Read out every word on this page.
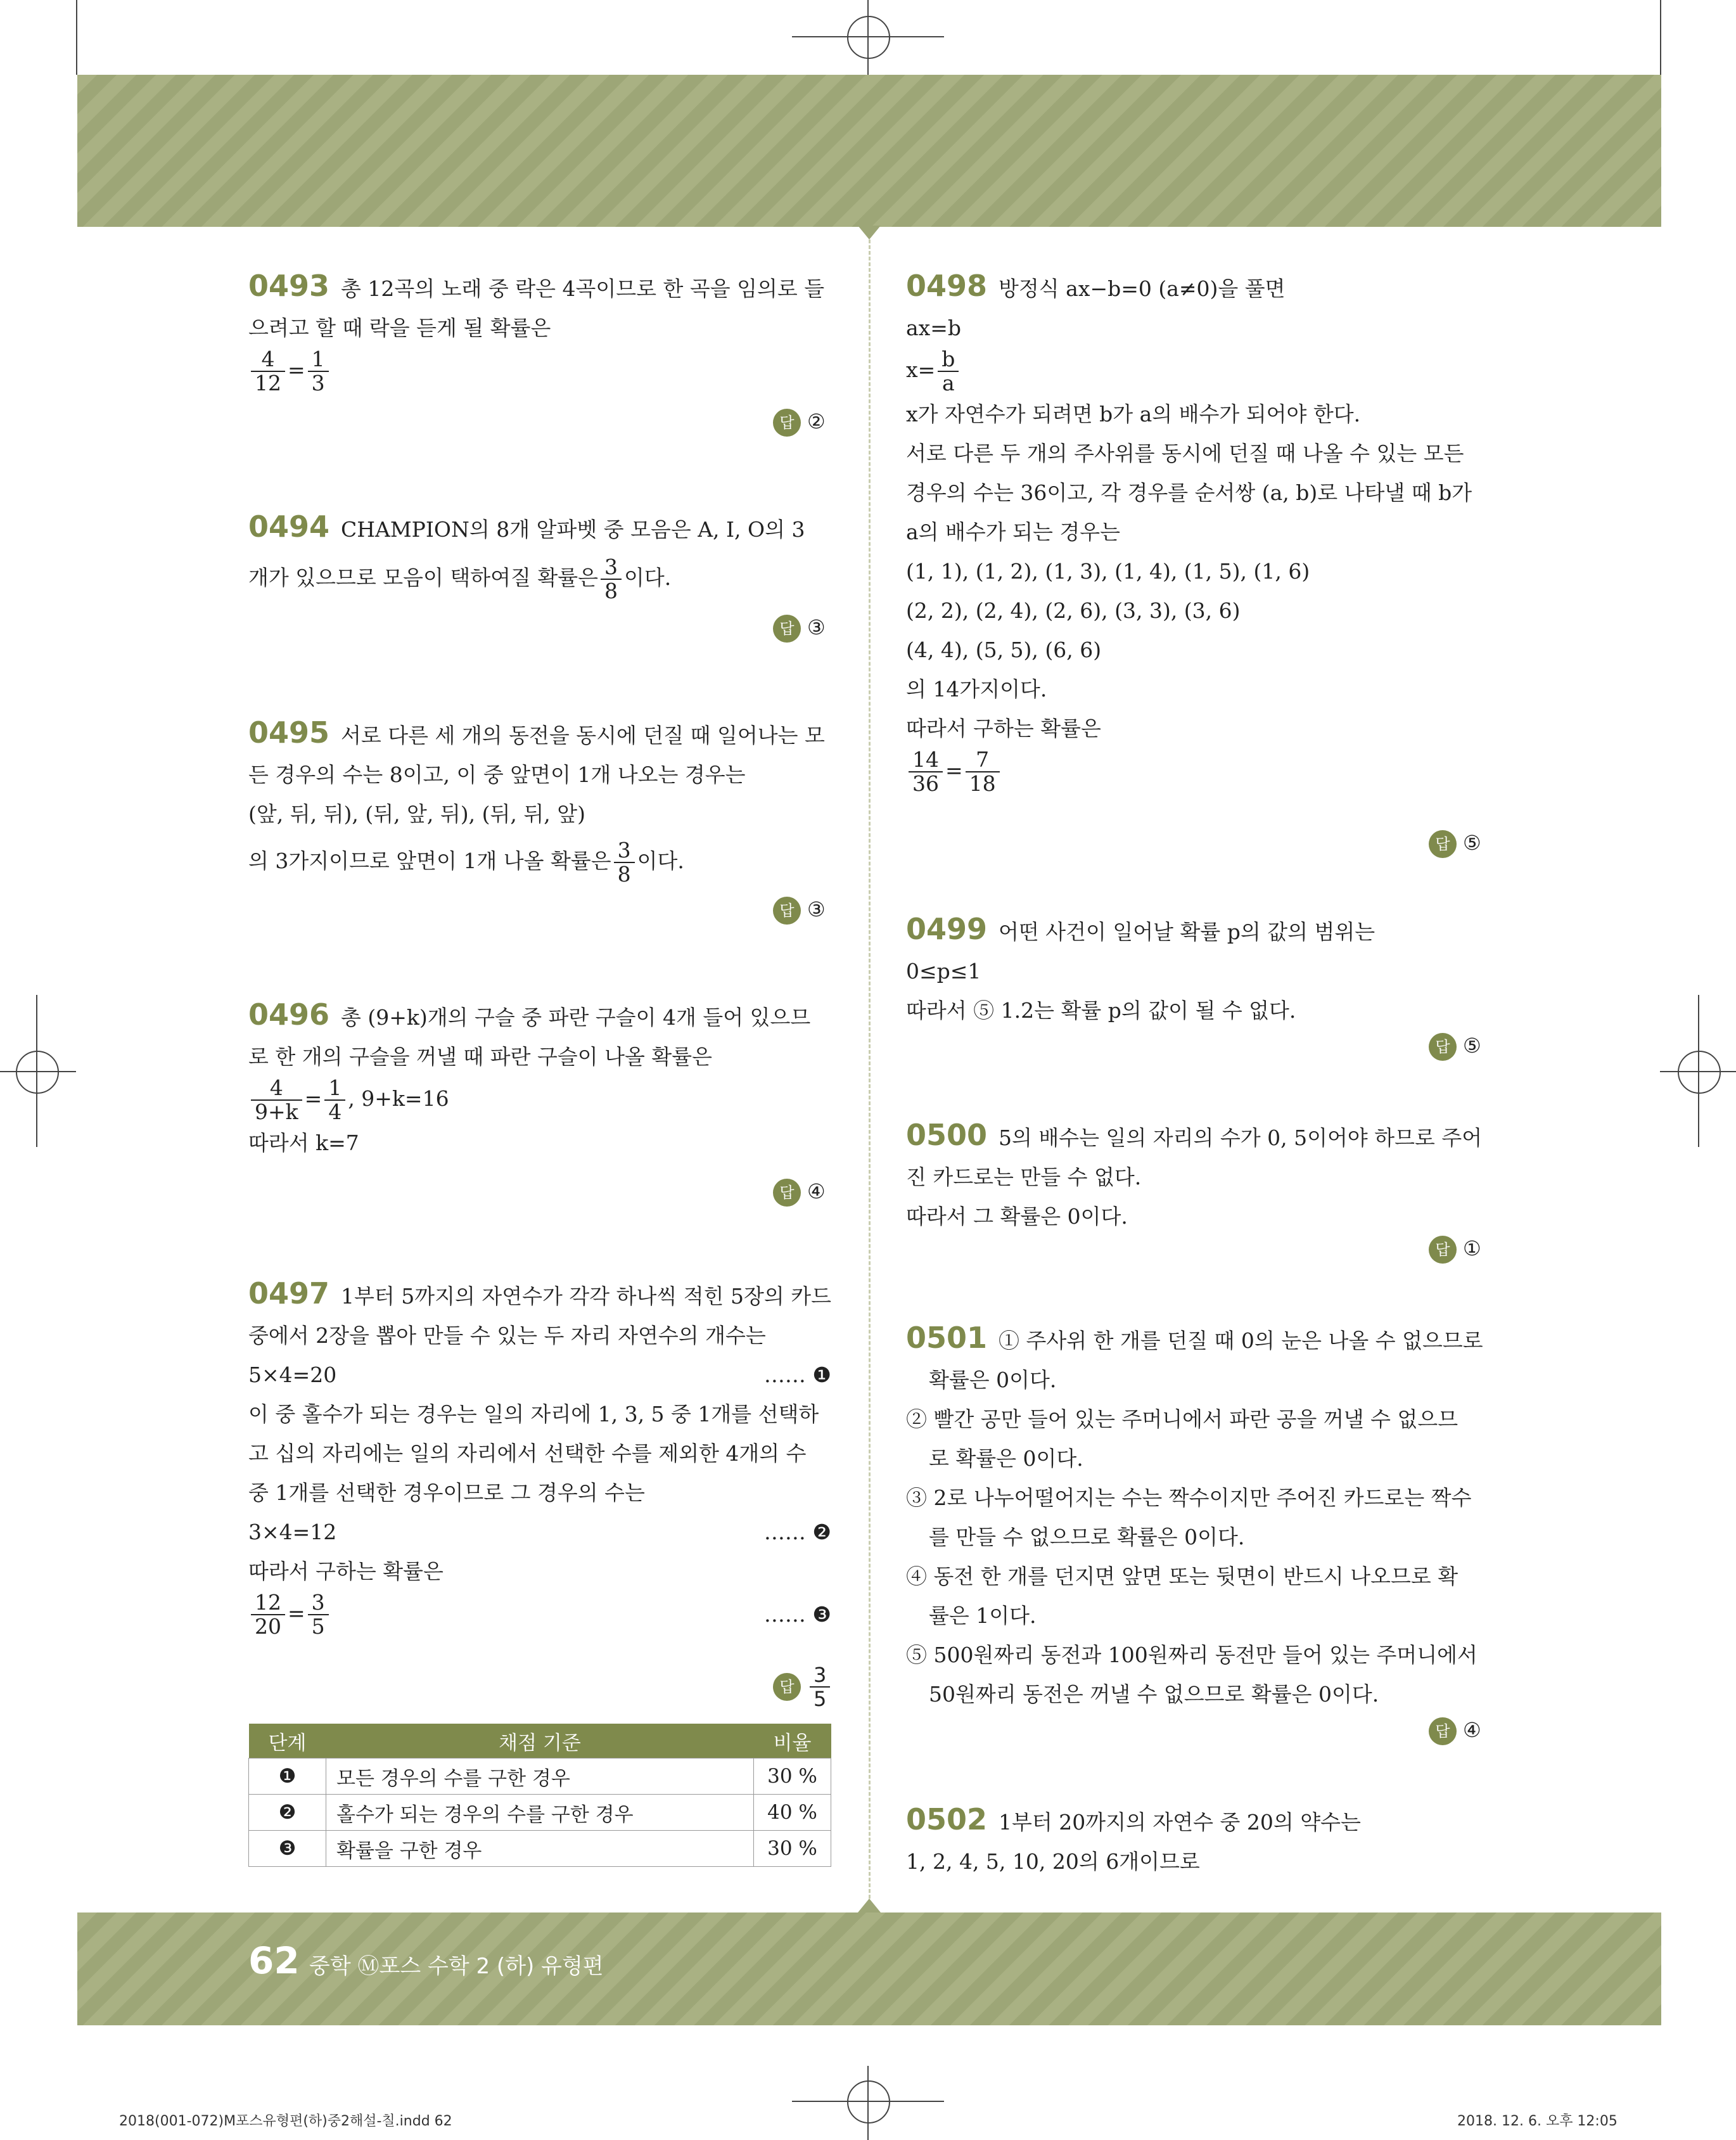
0493 총 12곡의 노래 중 락은 4곡이므로 한 곡을 임의로 들

으려고 할 때 락을 듣게 될 확률은

$\frac{4}{12} = \frac{1}{3}$

답 ②

0494 CHAMPION의 8개 알파벳 중 모음은 A, I, O의 3

개가 있으므로 모음이 택하여질 확률은 $\frac{3}{8}$ 이다.

답 ③

0495 서로 다른 세 개의 동전을 동시에 던질 때 일어나는 모

든 경우의 수는 8이고, 이 중 앞면이 1개 나오는 경우는

(앞, 뒤, 뒤), (뒤, 앞, 뒤), (뒤, 뒤, 앞)

의 3가지이므로 앞면이 1개 나올 확률은 $\frac{3}{8}$ 이다.

답 ③

0496 총 (9+k)개의 구슬 중 파란 구슬이 4개 들어 있으므

로 한 개의 구슬을 꺼낼 때 파란 구슬이 나올 확률은

$\frac{4}{9+k} = \frac{1}{4}$ , 9+k=16

따라서 k=7

답 ④

0497 1부터 5까지의 자연수가 각각 하나씩 적힌 5장의 카드

중에서 2장을 뽑아 만들 수 있는 두 자리 자연수의 개수는

5×4=20	…… ❶

이 중 홀수가 되는 경우는 일의 자리에 1, 3, 5 중 1개를 선택하

고 십의 자리에는 일의 자리에서 선택한 수를 제외한 4개의 수

중 1개를 선택한 경우이므로 그 경우의 수는

3×4=12	…… ❷

따라서 구하는 확률은

$\frac{12}{20} = \frac{3}{5}$	…… ❸

답 $\frac{3}{5}$
단계	채점 기준	비율
❶	모든 경우의 수를 구한 경우	30 %
❷	홀수가 되는 경우의 수를 구한 경우	40 %
❸	확률을 구한 경우	30 %

0498 방정식 ax−b=0 (a≠0)을 풀면

ax=b

$x= \frac{b}{a}$

x가 자연수가 되려면 b가 a의 배수가 되어야 한다.

서로 다른 두 개의 주사위를 동시에 던질 때 나올 수 있는 모든

경우의 수는 36이고, 각 경우를 순서쌍 (a, b)로 나타낼 때 b가

a의 배수가 되는 경우는

(1, 1), (1, 2), (1, 3), (1, 4), (1, 5), (1, 6)

(2, 2), (2, 4), (2, 6), (3, 3), (3, 6)

(4, 4), (5, 5), (6, 6)

의 14가지이다.

따라서 구하는 확률은

$\frac{14}{36} = \frac{7}{18}$

답 ⑤

0499 어떤 사건이 일어날 확률 p의 값의 범위는

0≤p≤1

따라서 ⑤ 1.2는 확률 p의 값이 될 수 없다.

답 ⑤

0500 5의 배수는 일의 자리의 수가 0, 5이어야 하므로 주어

진 카드로는 만들 수 없다.

따라서 그 확률은 0이다.

답 ①

0501 ① 주사위 한 개를 던질 때 0의 눈은 나올 수 없으므로

확률은 0이다.

② 빨간 공만 들어 있는 주머니에서 파란 공을 꺼낼 수 없으므

로 확률은 0이다.

③ 2로 나누어떨어지는 수는 짝수이지만 주어진 카드로는 짝수

를 만들 수 없으므로 확률은 0이다.

④ 동전 한 개를 던지면 앞면 또는 뒷면이 반드시 나오므로 확

률은 1이다.

⑤ 500원짜리 동전과 100원짜리 동전만 들어 있는 주머니에서

50원짜리 동전은 꺼낼 수 없으므로 확률은 0이다.

답 ④

0502 1부터 20까지의 자연수 중 20의 약수는

1, 2, 4, 5, 10, 20의 6개이므로

62 중학 Ⓜ포스 수학 2 (하) 유형편
2018(001-072)M포스유형편(하)중2해설-칠.indd 62	2018. 12. 6. 오후 12:05
